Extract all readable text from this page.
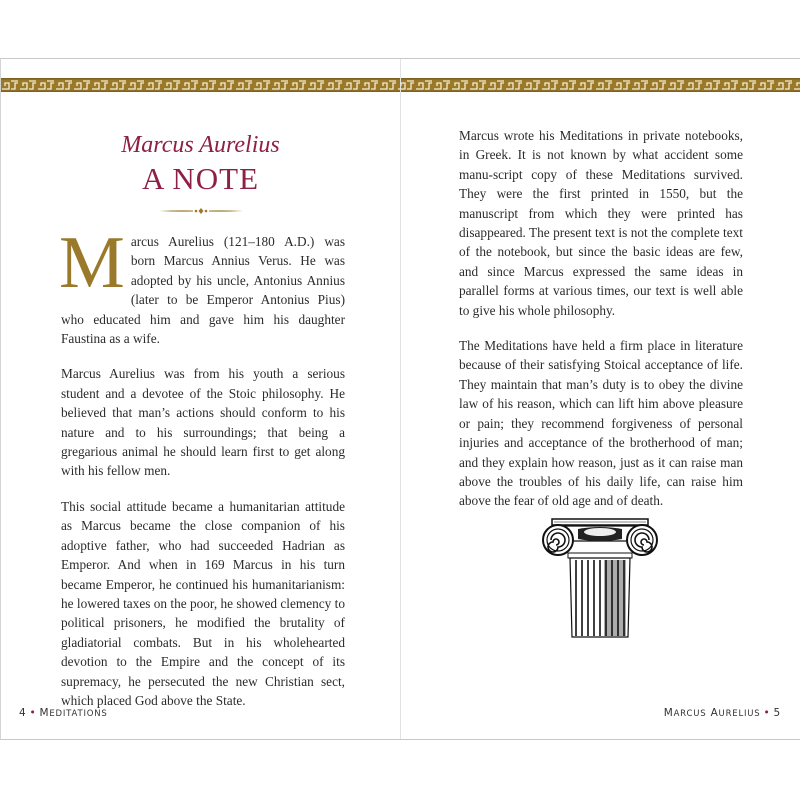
Marcus Aurelius
A NOTE

Marcus Aurelius (121–180 A.D.) was born Marcus Annius Verus. He was adopted by his uncle, Antonius Annius (later to be Emperor Antonius Pius) who educated him and gave him his daughter Faustina as a wife.

Marcus Aurelius was from his youth a serious student and a devotee of the Stoic philosophy. He believed that man’s actions should conform to his nature and to his surroundings; that being a gregarious animal he should learn first to get along with his fellow men.

This social attitude became a humanitarian attitude as Marcus became the close companion of his adoptive father, who had succeeded Hadrian as Emperor. And when in 169 Marcus in his turn became Emperor, he continued his humanitarianism: he lowered taxes on the poor, he showed clemency to political prisoners, he modified the brutality of gladiatorial combats. But in his wholehearted devotion to the Empire and the concept of its supremacy, he persecuted the new Christian sect, which placed God above the State.

4 • MEDITATIONS

Marcus wrote his Meditations in private notebooks, in Greek. It is not known by what accident some manu-script copy of these Meditations survived. They were the first printed in 1550, but the manuscript from which they were printed has disappeared. The present text is not the complete text of the notebook, but since the basic ideas are few, and since Marcus expressed the same ideas in parallel forms at various times, our text is well able to give his whole philosophy.

The Meditations have held a firm place in literature because of their satisfying Stoical acceptance of life. They maintain that man’s duty is to obey the divine law of his reason, which can lift him above pleasure or pain; they recommend forgiveness of personal injuries and acceptance of the brotherhood of man; and they explain how reason, just as it can raise man above the troubles of his daily life, can raise him above the fear of old age and of death.

MARCUS AURELIUS • 5
